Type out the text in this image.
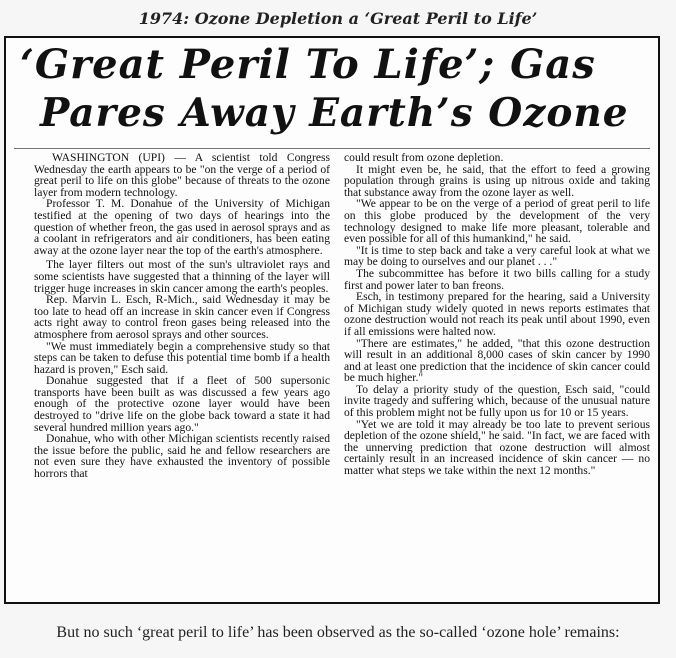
1974: Ozone Depletion a ‘Great Peril to Life’
‘Great Peril To Life’; Gas
Pares Away Earth’s Ozone

WASHINGTON (UPI) — A scientist told Congress Wednesday the earth appears to be "on the verge of a period of great peril to life on this globe" because of threats to the ozone layer from modern technology.

Professor T. M. Donahue of the University of Michigan testified at the opening of two days of hearings into the question of whether freon, the gas used in aerosol sprays and as a coolant in refrigerators and air conditioners, has been eating away at the ozone layer near the top of the earth's atmosphere.

The layer filters out most of the sun's ultraviolet rays and some scientists have suggested that a thinning of the layer will trigger huge increases in skin cancer among the earth's peoples.

Rep. Marvin L. Esch, R-Mich., said Wednesday it may be too late to head off an increase in skin cancer even if Congress acts right away to control freon gases being released into the atmosphere from aerosol sprays and other sources.

"We must immediately begin a comprehensive study so that steps can be taken to defuse this potential time bomb if a health hazard is proven," Esch said.

Donahue suggested that if a fleet of 500 supersonic transports have been built as was discussed a few years ago enough of the protective ozone layer would have been destroyed to "drive life on the globe back toward a state it had several hundred million years ago."

Donahue, who with other Michigan scientists recently raised the issue before the public, said he and fellow researchers are not even sure they have exhausted the inventory of possible horrors that

could result from ozone depletion.

It might even be, he said, that the effort to feed a growing population through grains is using up nitrous oxide and taking that substance away from the ozone layer as well.

"We appear to be on the verge of a period of great peril to life on this globe produced by the development of the very technology designed to make life more pleasant, tolerable and even possible for all of this humankind," he said.

"It is time to step back and take a very careful look at what we may be doing to ourselves and our planet . . ."

The subcommittee has before it two bills calling for a study first and power later to ban freons.

Esch, in testimony prepared for the hearing, said a University of Michigan study widely quoted in news reports estimates that ozone destruction would not reach its peak until about 1990, even if all emissions were halted now.

"There are estimates," he added, "that this ozone destruction will result in an additional 8,000 cases of skin cancer by 1990 and at least one prediction that the incidence of skin cancer could be much higher."

To delay a priority study of the question, Esch said, "could invite tragedy and suffering which, because of the unusual nature of this problem might not be fully upon us for 10 or 15 years.

"Yet we are told it may already be too late to prevent serious depletion of the ozone shield," he said. "In fact, we are faced with the unnerving prediction that ozone destruction will almost certainly result in an increased incidence of skin cancer — no matter what steps we take within the next 12 months."

But no such ‘great peril to life’ has been observed as the so-called ‘ozone hole’ remains:
